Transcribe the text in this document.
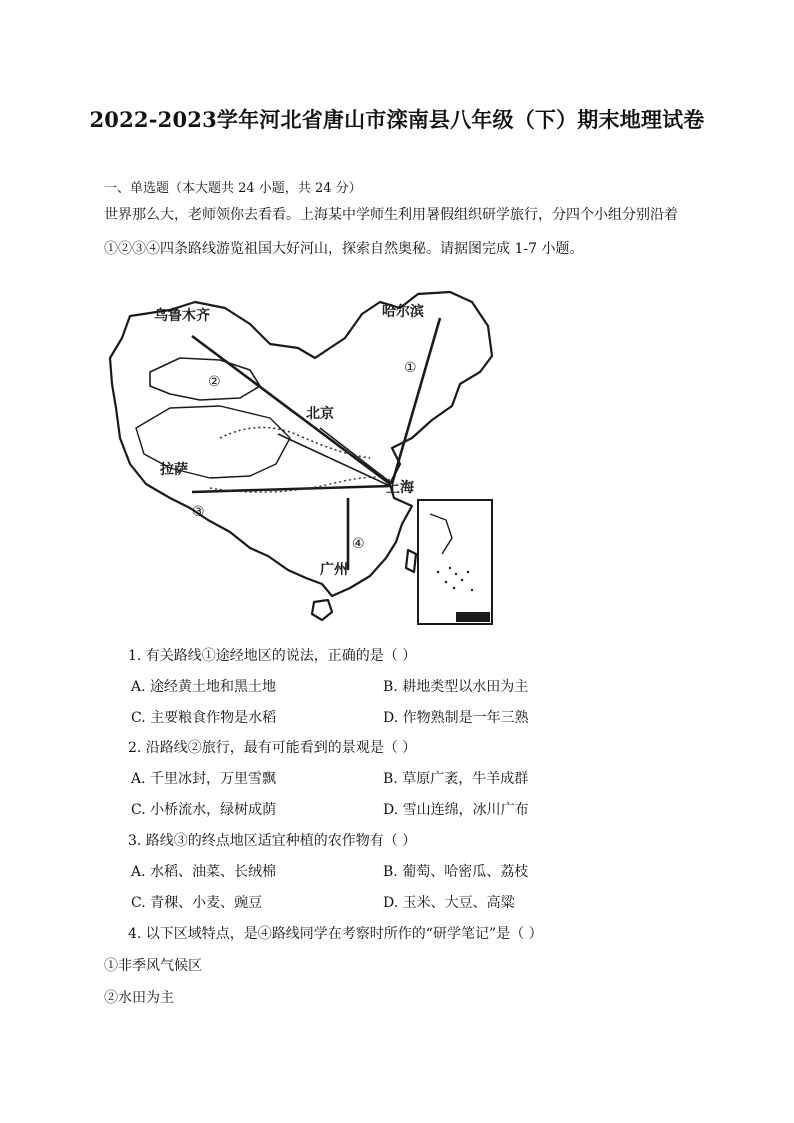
2022-2023学年河北省唐山市滦南县八年级（下）期末地理试卷
一、单选题（本大题共 24 小题，共 24 分）
世界那么大，老师领你去看看。上海某中学师生利用暑假组织研学旅行，分四个小组分别沿着
①②③④四条路线游览祖国大好河山，探索自然奥秘。请据图完成 1-7 小题。
乌鲁木齐	哈尔滨
北京
拉萨
上海
广州
①
②
③
④
1. 有关路线①途经地区的说法，正确的是（ ）
A. 途经黄土地和黑土地	B. 耕地类型以水田为主
C. 主要粮食作物是水稻	D. 作物熟制是一年三熟
2. 沿路线②旅行，最有可能看到的景观是（ ）
A. 千里冰封，万里雪飘	B. 草原广袤，牛羊成群
C. 小桥流水，绿树成荫	D. 雪山连绵，冰川广布
3. 路线③的终点地区适宜种植的农作物有（ ）
A. 水稻、油菜、长绒棉	B. 葡萄、哈密瓜、荔枝
C. 青稞、小麦、豌豆	D. 玉米、大豆、高粱
4. 以下区域特点，是④路线同学在考察时所作的“研学笔记”是（ ）
①非季风气候区
②水田为主
